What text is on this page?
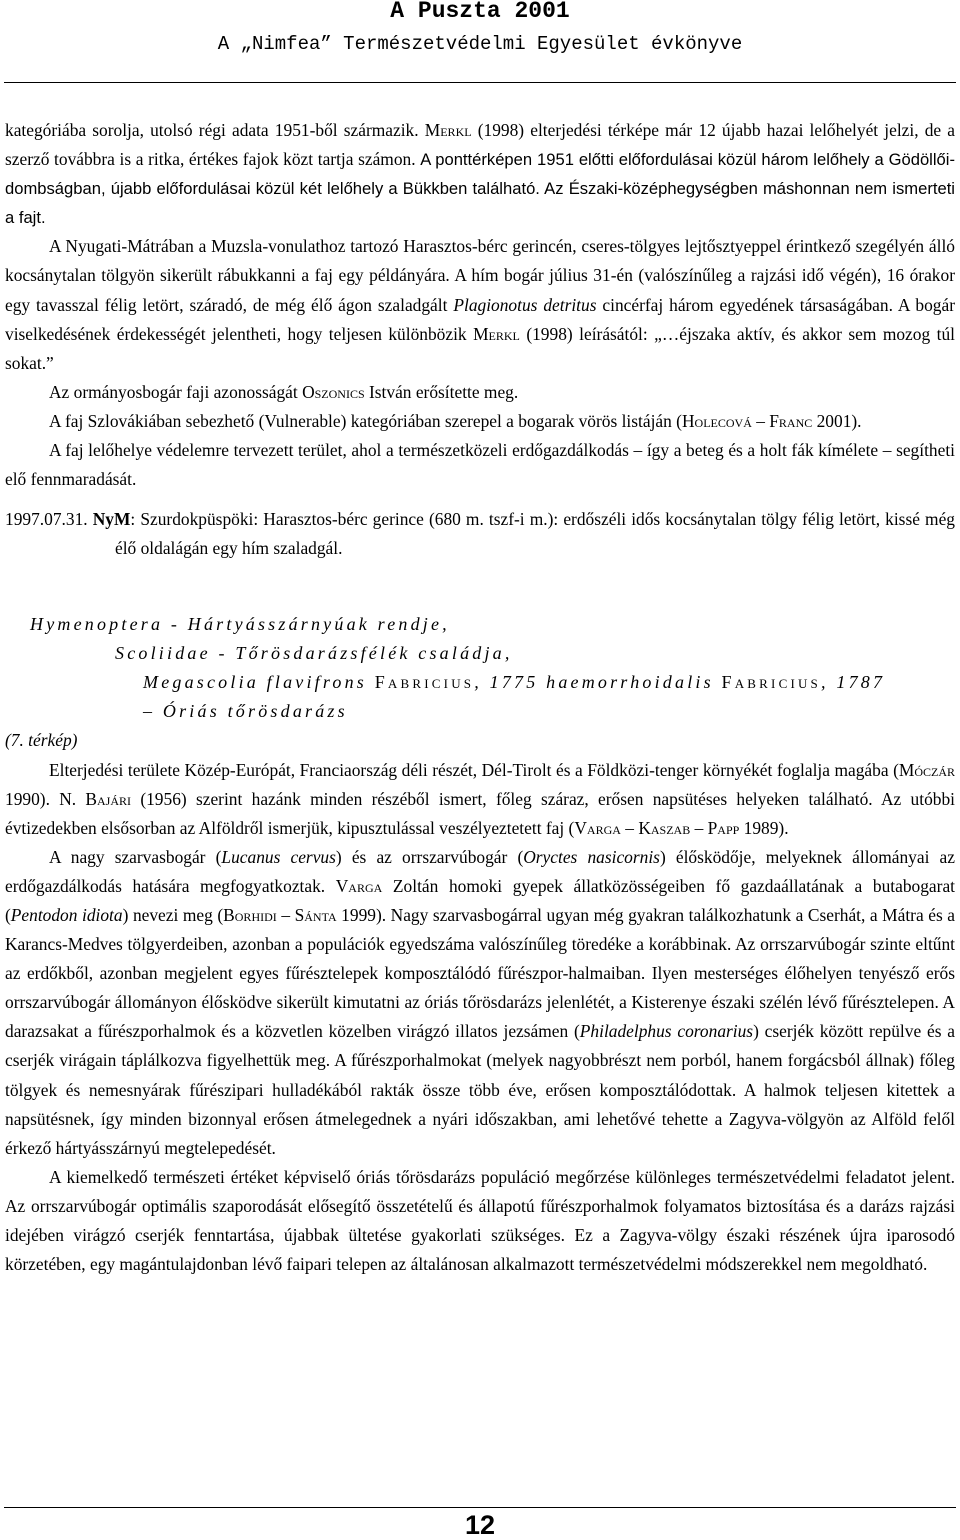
A Puszta 2001
A „Nimfea” Természetvédelmi Egyesület évkönyve

kategóriába sorolja, utolsó régi adata 1951-ből származik. Merkl (1998) elterjedési térképe már 12 újabb hazai lelőhelyét jelzi, de a szerző továbbra is a ritka, értékes fajok közt tartja számon. A ponttérképen 1951 előtti előfordulásai közül három lelőhely a Gödöllői-dombságban, újabb előfordulásai közül két lelőhely a Bükkben található. Az Északi-középhegységben máshonnan nem ismerteti a fajt.

A Nyugati-Mátrában a Muzsla-vonulathoz tartozó Harasztos-bérc gerincén, cseres-tölgyes lejtősztyeppel érintkező szegélyén álló kocsánytalan tölgyön sikerült rábukkanni a faj egy példányára. A hím bogár július 31-én (valószínűleg a rajzási idő végén), 16 órakor egy tavasszal félig letört, száradó, de még élő ágon szaladgált Plagionotus detritus cincérfaj három egyedének társaságában. A bogár viselkedésének érdekességét jelentheti, hogy teljesen különbözik Merkl (1998) leírásától: „…éjszaka aktív, és akkor sem mozog túl sokat.”

Az ormányosbogár faji azonosságát Oszonics István erősítette meg.

A faj Szlovákiában sebezhető (Vulnerable) kategóriában szerepel a bogarak vörös listáján (Holecová – Franc 2001).

A faj lelőhelye védelemre tervezett terület, ahol a természetközeli erdőgazdálkodás – így a beteg és a holt fák kímélete – segítheti elő fennmaradását.

1997.07.31. NyM: Szurdokpüspöki: Harasztos-bérc gerince (680 m. tszf-i m.): erdőszéli idős kocsánytalan tölgy félig letört, kissé még élő oldalágán egy hím szaladgál.

Hymenoptera - Hártyásszárnyúak rendje,
Scoliidae - Tőrösdarázsfélék családja,
Megascolia flavifrons Fabricius, 1775 haemorrhoidalis Fabricius, 1787
– Óriás tőrösdarázs
(7. térkép)

Elterjedési területe Közép-Európát, Franciaország déli részét, Dél-Tirolt és a Földközi-tenger környékét foglalja magába (Móczár 1990). N. Bajári (1956) szerint hazánk minden részéből ismert, főleg száraz, erősen napsütéses helyeken található. Az utóbbi évtizedekben elsősorban az Alföldről ismerjük, kipusztulással veszélyeztetett faj (Varga – Kaszab – Papp 1989).

A nagy szarvasbogár (Lucanus cervus) és az orrszarvúbogár (Oryctes nasicornis) élősködője, melyeknek állományai az erdőgazdálkodás hatására megfogyatkoztak. Varga Zoltán homoki gyepek állatközösségeiben fő gazdaállatának a butabogarat (Pentodon idiota) nevezi meg (Borhidi – Sánta 1999). Nagy szarvasbogárral ugyan még gyakran találkozhatunk a Cserhát, a Mátra és a Karancs-Medves tölgyerdeiben, azonban a populációk egyedszáma valószínűleg töredéke a korábbinak. Az orrszarvúbogár szinte eltűnt az erdőkből, azonban megjelent egyes fűrésztelepek komposztálódó fűrészpor-halmaiban. Ilyen mesterséges élőhelyen tenyésző erős orrszarvúbogár állományon élősködve sikerült kimutatni az óriás tőrösdarázs jelenlétét, a Kisterenye északi szélén lévő fűrésztelepen. A darazsakat a fűrészporhalmok és a közvetlen közelben virágzó illatos jezsámen (Philadelphus coronarius) cserjék között repülve és a cserjék virágain táplálkozva figyelhettük meg. A fűrészporhalmokat (melyek nagyobbrészt nem porból, hanem forgácsból állnak) főleg tölgyek és nemesnyárak fűrészipari hulladékából rakták össze több éve, erősen komposztálódottak. A halmok teljesen kitettek a napsütésnek, így minden bizonnyal erősen átmelegednek a nyári időszakban, ami lehetővé tehette a Zagyva-völgyön az Alföld felől érkező hártyásszárnyú megtelepedését.

A kiemelkedő természeti értéket képviselő óriás tőrösdarázs populáció megőrzése különleges természetvédelmi feladatot jelent. Az orrszarvúbogár optimális szaporodását elősegítő összetételű és állapotú fűrészporhalmok folyamatos biztosítása és a darázs rajzási idejében virágzó cserjék fenntartása, újabbak ültetése gyakorlati szükséges. Ez a Zagyva-völgy északi részének újra iparosodó körzetében, egy magántulajdonban lévő faipari telepen az általánosan alkalmazott természetvédelmi módszerekkel nem megoldható.

12
